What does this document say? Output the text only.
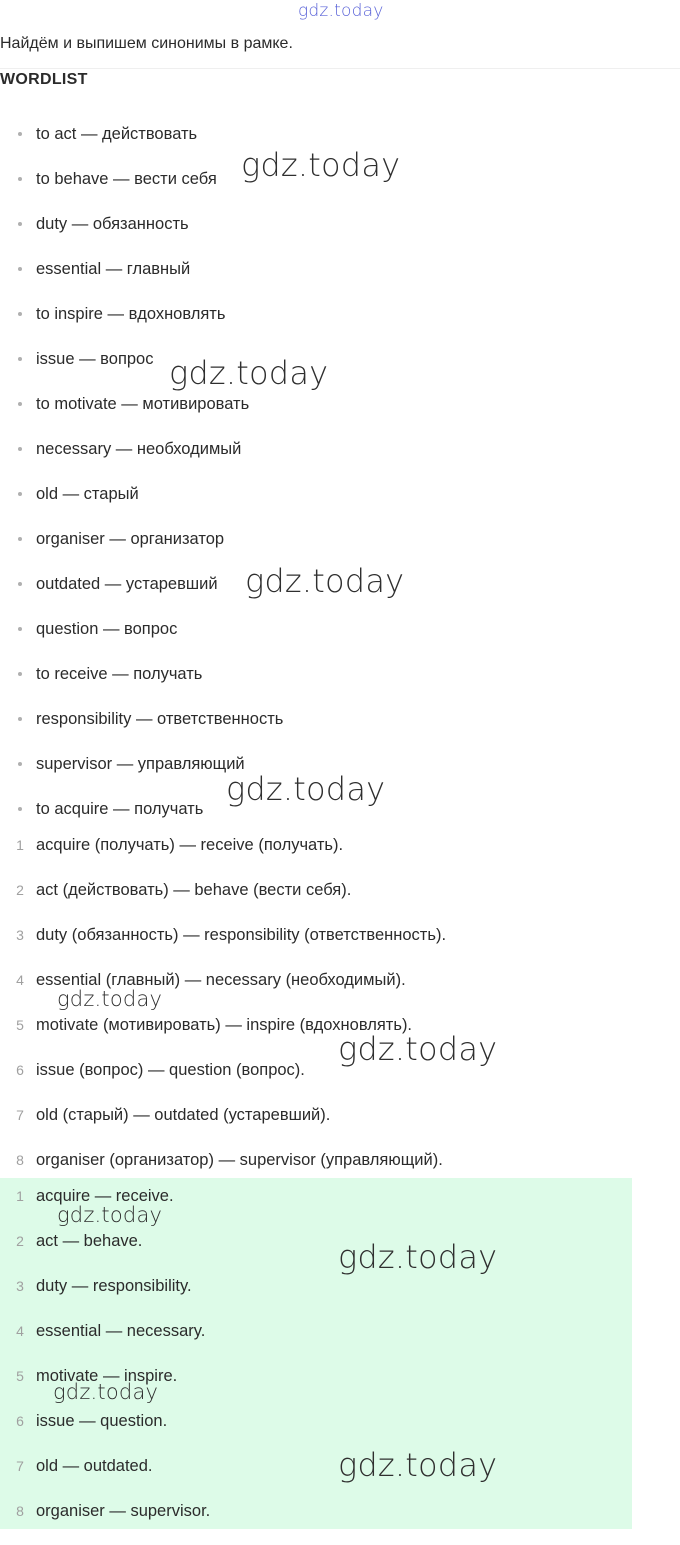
gdz.today
Найдём и выпишем синонимы в рамке.
WORDLIST
to act — действовать
to behave — вести себя
duty — обязанность
essential — главный
to inspire — вдохновлять
issue — вопрос
to motivate — мотивировать
necessary — необходимый
old — старый
organiser — организатор
outdated — устаревший
question — вопрос
to receive — получать
responsibility — ответственность
supervisor — управляющий
to acquire — получать
1 acquire (получать) — receive (получать).
2 act (действовать) — behave (вести себя).
3 duty (обязанность) — responsibility (ответственность).
4 essential (главный) — necessary (необходимый).
5 motivate (мотивировать) — inspire (вдохновлять).
6 issue (вопрос) — question (вопрос).
7 old (старый) — outdated (устаревший).
8 organiser (организатор) — supervisor (управляющий).
1 acquire — receive.
2 act — behave.
3 duty — responsibility.
4 essential — necessary.
5 motivate — inspire.
6 issue — question.
7 old — outdated.
8 organiser — supervisor.
gdz.today
gdz.today
gdz.today
gdz.today
gdz.today
gdz.today
gdz.today
gdz.today
gdz.today
gdz.today
